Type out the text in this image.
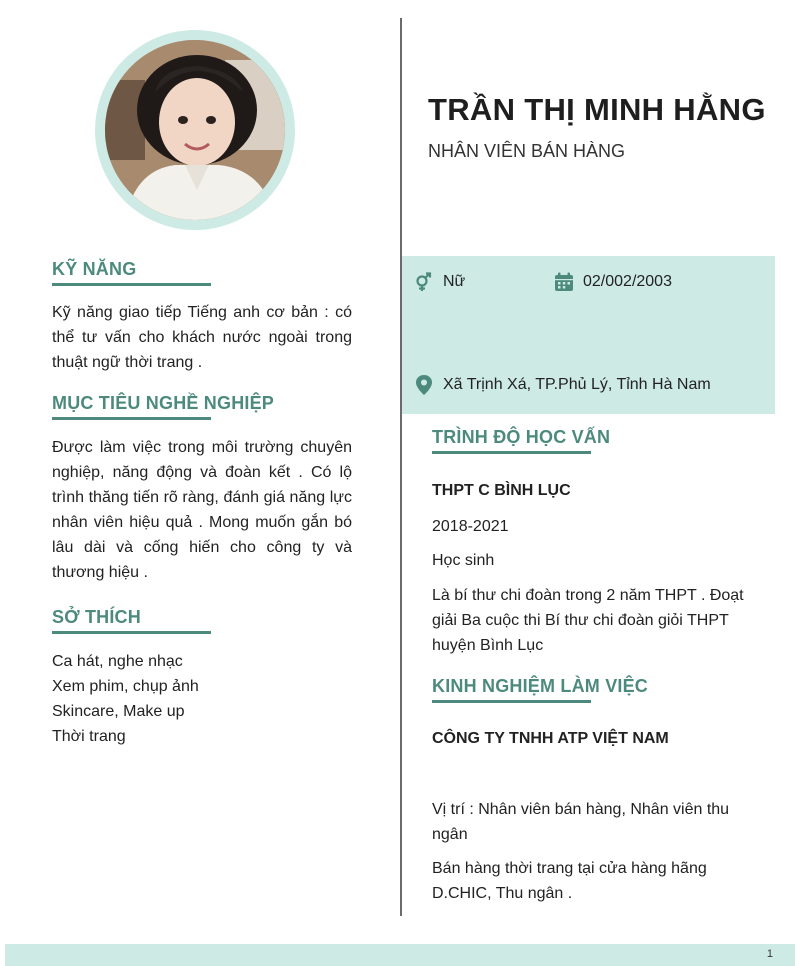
KỸ NĂNG
Kỹ năng giao tiếp Tiếng anh cơ bản : có thể tư vấn cho khách nước ngoài trong thuật ngữ thời trang .
MỤC TIÊU NGHỀ NGHIỆP
Được làm việc trong môi trường chuyên nghiệp, năng động và đoàn kết . Có lộ trình thăng tiến rõ ràng, đánh giá năng lực nhân viên hiệu quả . Mong muốn gắn bó lâu dài và cống hiến cho công ty và thương hiệu .
SỞ THÍCH
Ca hát, nghe nhạc
Xem phim, chụp ảnh
Skincare, Make up
Thời trang
TRẦN THỊ MINH HẰNG
NHÂN VIÊN BÁN HÀNG
Nữ	02/002/2003
Xã Trịnh Xá, TP.Phủ Lý, Tỉnh Hà Nam
TRÌNH ĐỘ HỌC VẤN
THPT C BÌNH LỤC
2018-2021
Học sinh
Là bí thư chi đoàn trong 2 năm THPT . Đoạt giải Ba cuộc thi Bí thư chi đoàn giỏi THPT huyện Bình Lục
KINH NGHIỆM LÀM VIỆC
CÔNG TY TNHH ATP VIỆT NAM
Vị trí : Nhân viên bán hàng, Nhân viên thu ngân
Bán hàng thời trang tại cửa hàng hãng D.CHIC, Thu ngân .
1
